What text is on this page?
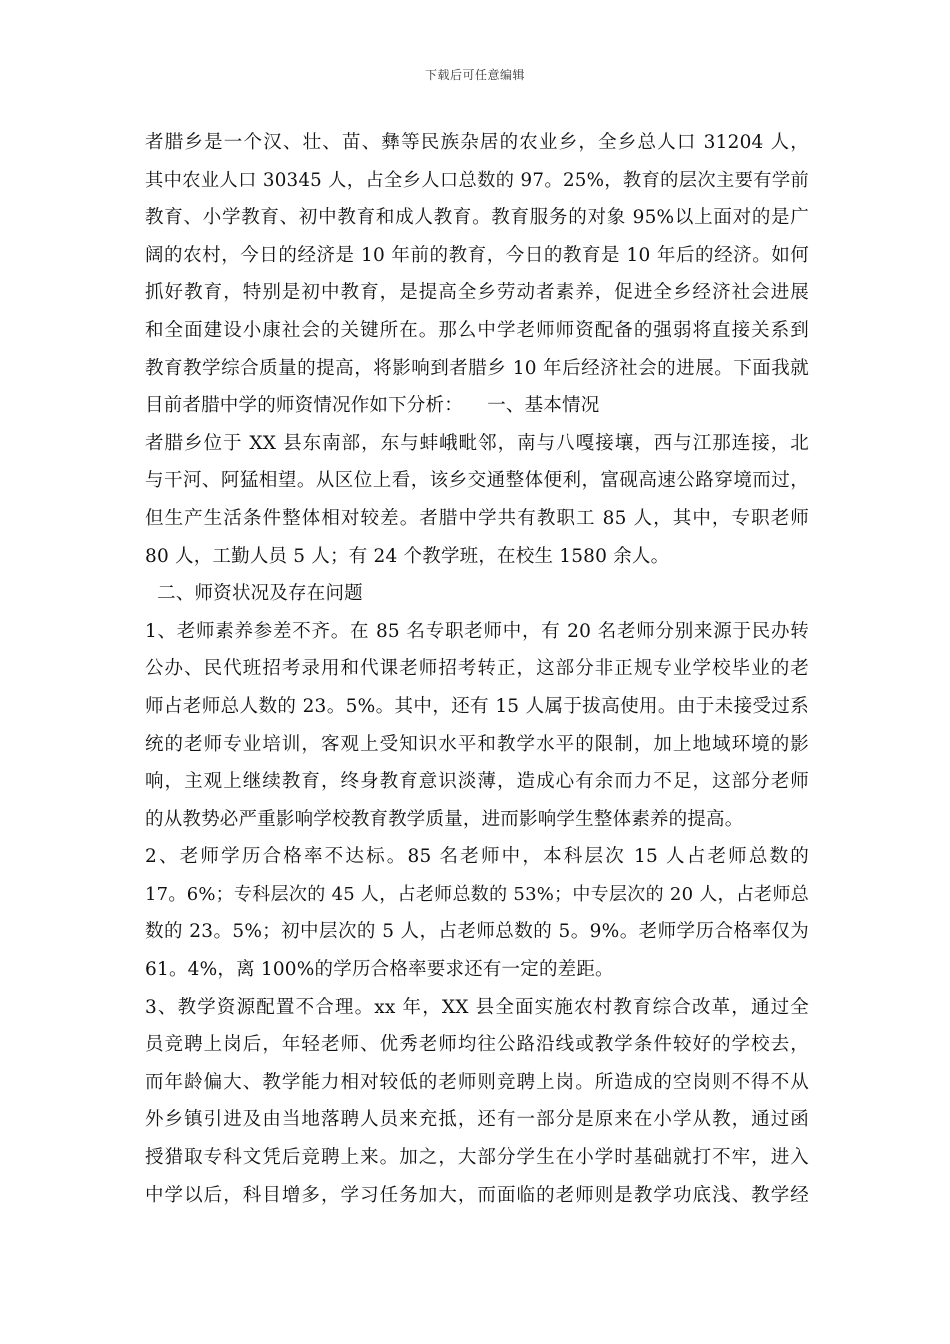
下载后可任意编辑
者腊乡是一个汉、壮、苗、彝等民族杂居的农业乡，全乡总人口 31204 人，
其中农业人口 30345 人，占全乡人口总数的 97。25%，教育的层次主要有学前
教育、小学教育、初中教育和成人教育。教育服务的对象 95%以上面对的是广
阔的农村，今日的经济是 10 年前的教育，今日的教育是 10 年后的经济。如何
抓好教育，特别是初中教育，是提高全乡劳动者素养，促进全乡经济社会进展
和全面建设小康社会的关键所在。那么中学老师师资配备的强弱将直接关系到
教育教学综合质量的提高，将影响到者腊乡 10 年后经济社会的进展。下面我就
目前者腊中学的师资情况作如下分析：    一、基本情况
者腊乡位于 XX 县东南部，东与蚌峨毗邻，南与八嘎接壤，西与江那连接，北
与干河、阿猛相望。从区位上看，该乡交通整体便利，富砚高速公路穿境而过，
但生产生活条件整体相对较差。者腊中学共有教职工 85 人，其中，专职老师
80 人，工勤人员 5 人；有 24 个教学班，在校生 1580 余人。
二、师资状况及存在问题
1、老师素养参差不齐。在 85 名专职老师中，有 20 名老师分别来源于民办转
公办、民代班招考录用和代课老师招考转正，这部分非正规专业学校毕业的老
师占老师总人数的 23。5%。其中，还有 15 人属于拔高使用。由于未接受过系
统的老师专业培训，客观上受知识水平和教学水平的限制，加上地域环境的影
响，主观上继续教育，终身教育意识淡薄，造成心有余而力不足，这部分老师
的从教势必严重影响学校教育教学质量，进而影响学生整体素养的提高。
2、老师学历合格率不达标。85 名老师中，本科层次 15 人占老师总数的
17。6%；专科层次的 45 人，占老师总数的 53%；中专层次的 20 人，占老师总
数的 23。5%；初中层次的 5 人，占老师总数的 5。9%。老师学历合格率仅为
61。4%，离 100%的学历合格率要求还有一定的差距。
3、教学资源配置不合理。xx 年，XX 县全面实施农村教育综合改革，通过全
员竞聘上岗后，年轻老师、优秀老师均往公路沿线或教学条件较好的学校去，
而年龄偏大、教学能力相对较低的老师则竞聘上岗。所造成的空岗则不得不从
外乡镇引进及由当地落聘人员来充抵，还有一部分是原来在小学从教，通过函
授猎取专科文凭后竞聘上来。加之，大部分学生在小学时基础就打不牢，进入
中学以后，科目增多，学习任务加大，而面临的老师则是教学功底浅、教学经
